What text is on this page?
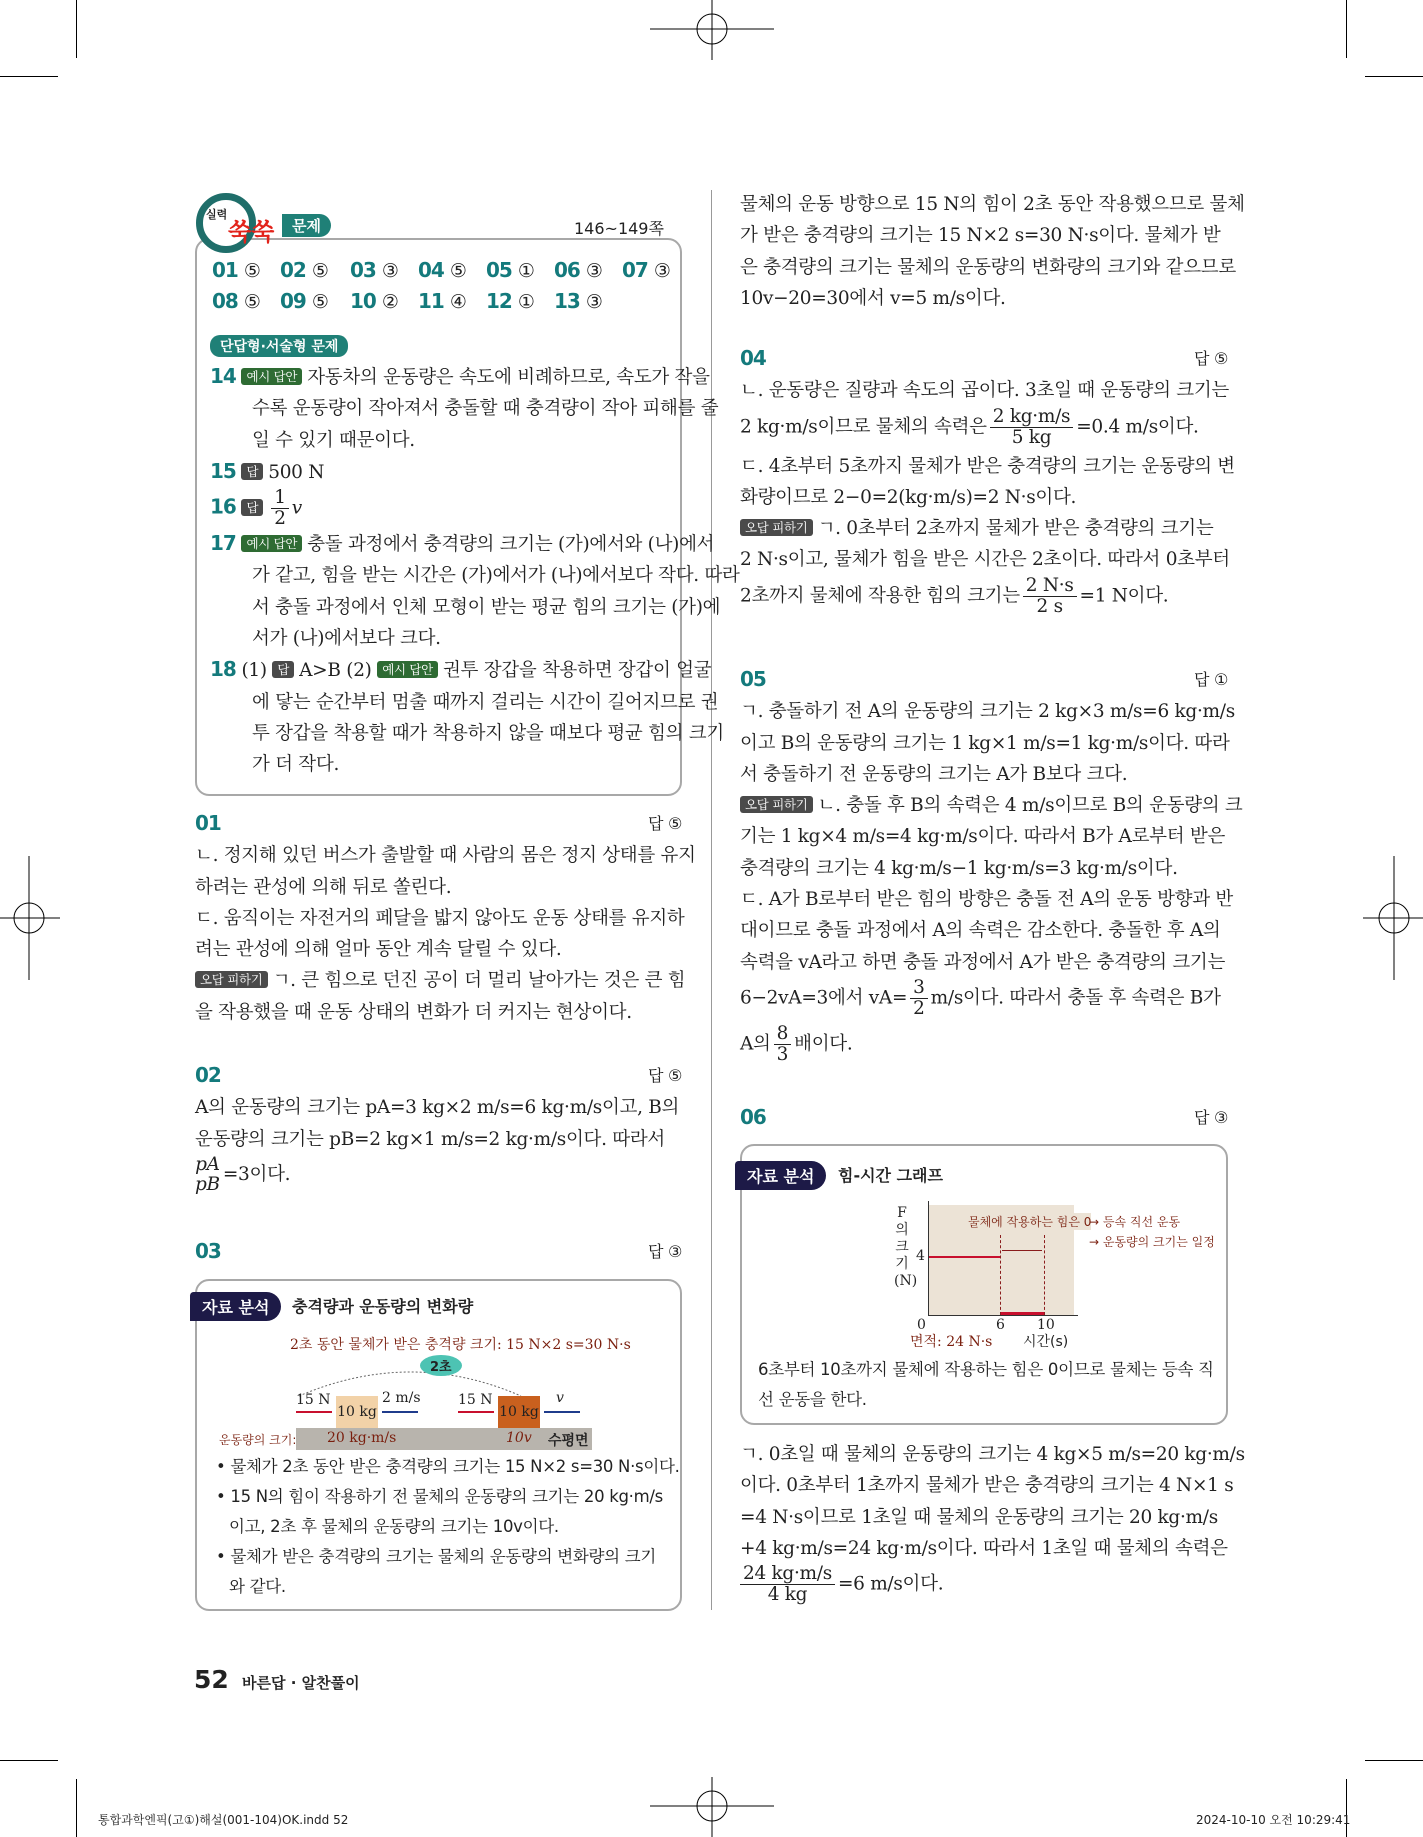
실력
쑥쑥	문제	146~149쪽
01 ⑤ 02 ⑤ 03 ③ 04 ⑤ 05 ① 06 ③ 07 ③
08 ⑤ 09 ⑤ 10 ② 11 ④ 12 ① 13 ③
단답형·서술형 문제
14 예시 답안 자동차의 운동량은 속도에 비례하므로, 속도가 작을
수록 운동량이 작아져서 충돌할 때 충격량이 작아 피해를 줄
일 수 있기 때문이다.
15 답 500 N
16 답 $\frac{1}{2}$ v
17 예시 답안 충돌 과정에서 충격량의 크기는 (가)에서와 (나)에서
가 같고, 힘을 받는 시간은 (가)에서가 (나)에서보다 작다. 따라
서 충돌 과정에서 인체 모형이 받는 평균 힘의 크기는 (가)에
서가 (나)에서보다 크다.
18 (1) 답 A>B (2) 예시 답안 권투 장갑을 착용하면 장갑이 얼굴
에 닿는 순간부터 멈출 때까지 걸리는 시간이 길어지므로 권
투 장갑을 착용할 때가 착용하지 않을 때보다 평균 힘의 크기
가 더 작다.
01	답 ⑤
ㄴ. 정지해 있던 버스가 출발할 때 사람의 몸은 정지 상태를 유지
하려는 관성에 의해 뒤로 쏠린다.
ㄷ. 움직이는 자전거의 페달을 밟지 않아도 운동 상태를 유지하
려는 관성에 의해 얼마 동안 계속 달릴 수 있다.
오답 피하기 ㄱ. 큰 힘으로 던진 공이 더 멀리 날아가는 것은 큰 힘
을 작용했을 때 운동 상태의 변화가 더 커지는 현상이다.
02	답 ⑤
A의 운동량의 크기는 pA=3 kg×2 m/s=6 kg·m/s이고, B의
운동량의 크기는 pB=2 kg×1 m/s=2 kg·m/s이다. 따라서
pA
pB =3이다.
03	답 ③
자료 분석	충격량과 운동량의 변화량
2초 동안 물체가 받은 충격량 크기: 15 N×2 s=30 N·s
2초
15 N
10 kg
2 m/s	15 N
10 kg
v
운동량의 크기: 20 kg·m/s	10v 수평면
• 물체가 2초 동안 받은 충격량의 크기는 15 N×2 s=30 N·s이다.
• 15 N의 힘이 작용하기 전 물체의 운동량의 크기는 20 kg·m/s
이고, 2초 후 물체의 운동량의 크기는 10v이다.
• 물체가 받은 충격량의 크기는 물체의 운동량의 변화량의 크기
와 같다.
52 바른답 · 알찬풀이
물체의 운동 방향으로 15 N의 힘이 2초 동안 작용했으므로 물체
가 받은 충격량의 크기는 15 N×2 s=30 N·s이다. 물체가 받
은 충격량의 크기는 물체의 운동량의 변화량의 크기와 같으므로
10v−20=30에서 v=5 m/s이다.
04	답 ⑤
ㄴ. 운동량은 질량과 속도의 곱이다. 3초일 때 운동량의 크기는
2 kg·m/s이므로 물체의 속력은 $\frac{2 kg\cdot m/s}{5 kg} =0.4$ m/s이다.
ㄷ. 4초부터 5초까지 물체가 받은 충격량의 크기는 운동량의 변
화량이므로 2−0=2(kg·m/s)=2 N·s이다.
오답 피하기 ㄱ. 0초부터 2초까지 물체가 받은 충격량의 크기는
2 N·s이고, 물체가 힘을 받은 시간은 2초이다. 따라서 0초부터
2초까지 물체에 작용한 힘의 크기는 $\frac{2 N\cdot s}{2 s} =1$ N이다.
05	답 ①
ㄱ. 충돌하기 전 A의 운동량의 크기는 2 kg×3 m/s=6 kg·m/s
이고 B의 운동량의 크기는 1 kg×1 m/s=1 kg·m/s이다. 따라
서 충돌하기 전 운동량의 크기는 A가 B보다 크다.
오답 피하기 ㄴ. 충돌 후 B의 속력은 4 m/s이므로 B의 운동량의 크
기는 1 kg×4 m/s=4 kg·m/s이다. 따라서 B가 A로부터 받은
충격량의 크기는 4 kg·m/s−1 kg·m/s=3 kg·m/s이다.
ㄷ. A가 B로부터 받은 힘의 방향은 충돌 전 A의 운동 방향과 반
대이므로 충돌 과정에서 A의 속력은 감소한다. 충돌한 후 A의
속력을 vA라고 하면 충돌 과정에서 A가 받은 충격량의 크기는
6−2vA=3에서 $vA= \frac{3}{2} m/s$이다. 따라서 충돌 후 속력은 B가
A의 $\frac{8}{3}$ 배이다.
06	답 ③
자료 분석	힘-시간 그래프
F
의
크
기
(N)
4
0	6 10
시간(s)
면적: 24 N·s
물체에 작용하는 힘은 0
→ 등속 직선 운동
→ 운동량의 크기는 일정
6초부터 10초까지 물체에 작용하는 힘은 0이므로 물체는 등속 직
선 운동을 한다.
ㄱ. 0초일 때 물체의 운동량의 크기는 4 kg×5 m/s=20 kg·m/s
이다. 0초부터 1초까지 물체가 받은 충격량의 크기는 4 N×1 s
=4 N·s이므로 1초일 때 물체의 운동량의 크기는 20 kg·m/s
+4 kg·m/s=24 kg·m/s이다. 따라서 1초일 때 물체의 속력은
$\frac{24 kg\cdot m/s}{4 kg} =6$ m/s이다.
통합과학엔픽(고①)해설(001-104)OK.indd 52	2024-10-10 오전 10:29:41
